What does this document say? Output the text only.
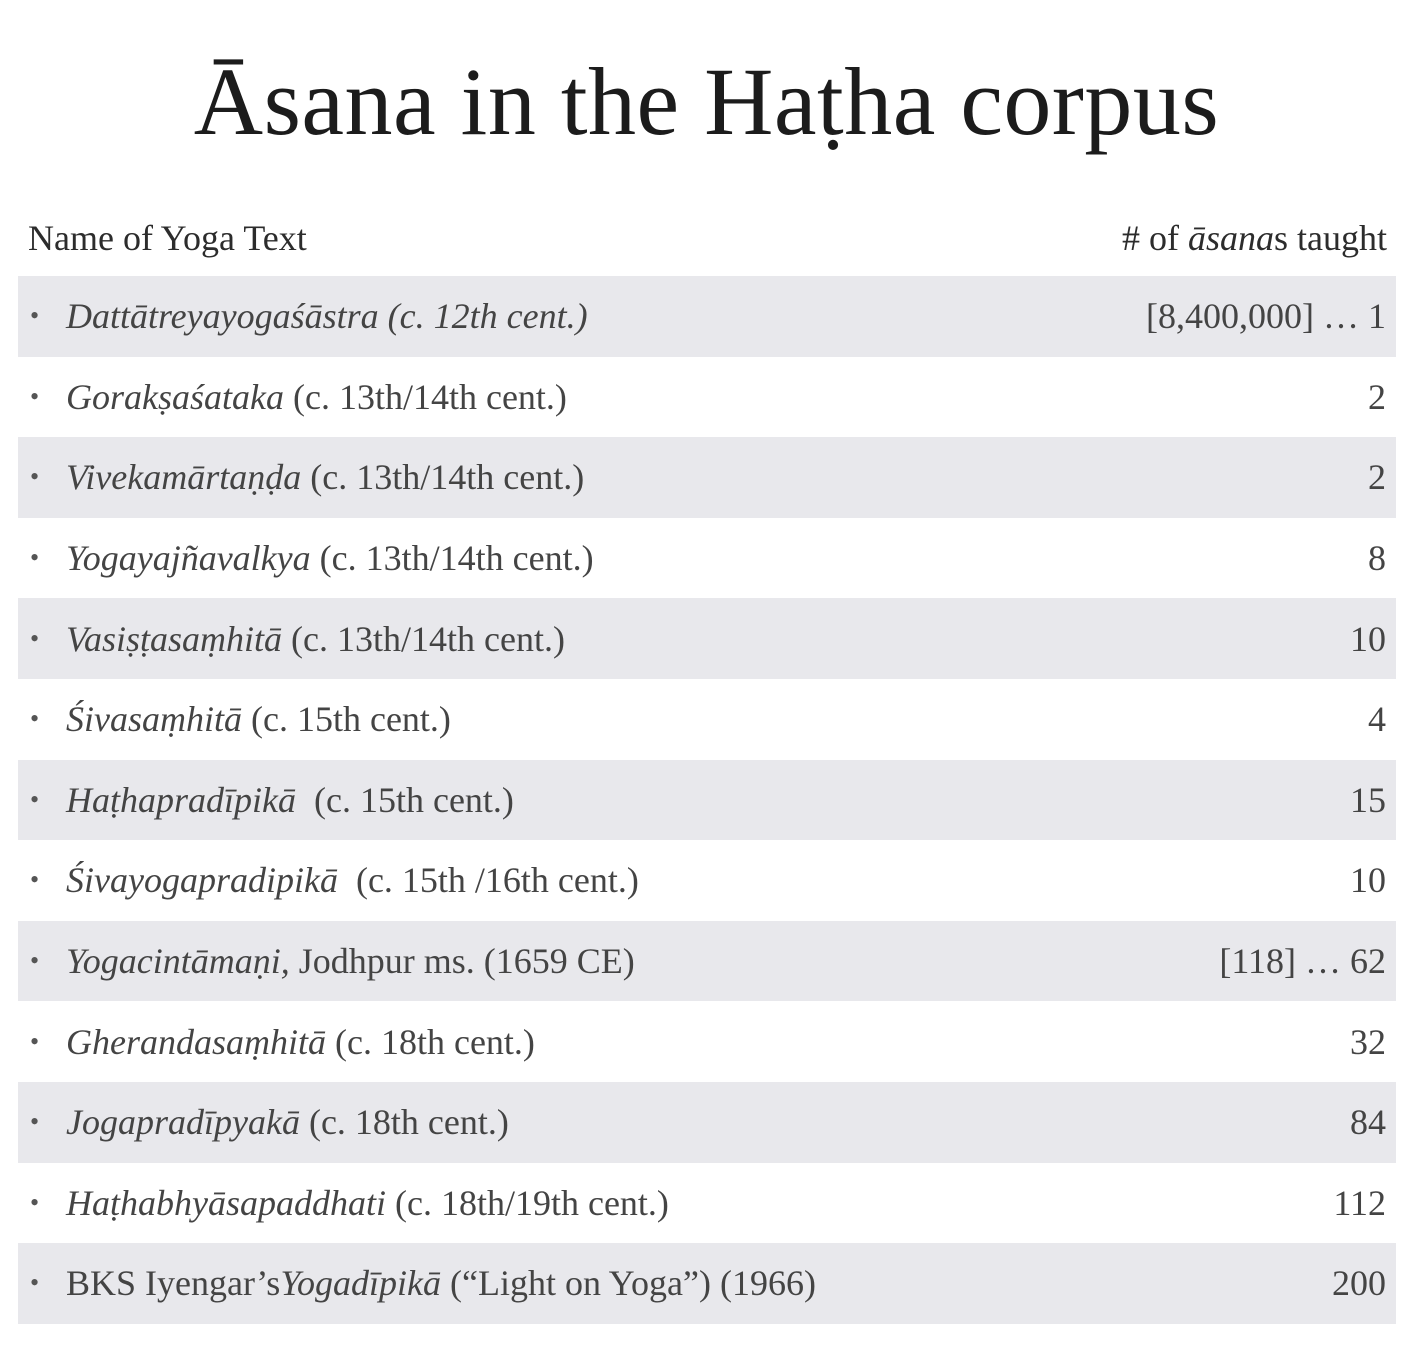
Āsana in the Haṭha corpus
Name of Yoga Text	# of āsanas taught
• Dattātreyayogaśāstra (c. 12th cent.)	[8,400,000] … 1
• Gorakṣaśataka (c. 13th/14th cent.)	2
• Vivekamārtaṇḍa (c. 13th/14th cent.)	2
• Yogayajñavalkya (c. 13th/14th cent.)	8
• Vasiṣṭasaṃhitā (c. 13th/14th cent.)	10
• Śivasaṃhitā (c. 15th cent.)	4
• Haṭhapradīpikā (c. 15th cent.)	15
• Śivayogapradipikā (c. 15th /16th cent.)	10
• Yogacintāmaṇi, Jodhpur ms. (1659 CE)	[118] … 62
• Gherandasaṃhitā (c. 18th cent.)	32
• Jogapradīpyakā (c. 18th cent.)	84
• Haṭhabhyāsapaddhati (c. 18th/19th cent.)	112
• BKS Iyengar’s Yogadīpikā (“Light on Yoga”) (1966)	200
